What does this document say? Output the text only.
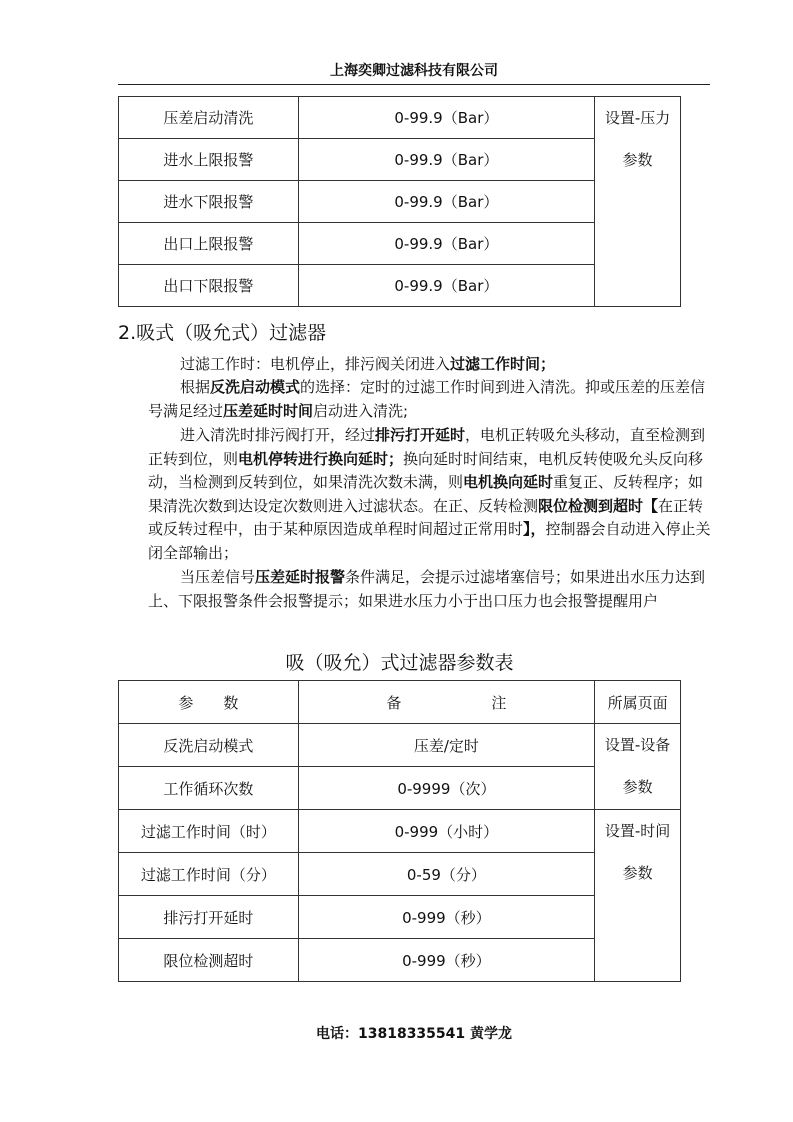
上海奕卿过滤科技有限公司
压差启动清洗	0-99.9（Bar）	设置-压力
参数

进水上限报警	0-99.9（Bar）	
进水下限报警	0-99.9（Bar）	
出口上限报警	0-99.9（Bar）	
出口下限报警	0-99.9（Bar）	
2.吸式（吸允式）过滤器

过滤工作时：电机停止，排污阀关闭进入过滤工作时间；

根据反洗启动模式的选择：定时的过滤工作时间到进入清洗。抑或压差的压差信号满足经过压差延时时间启动进入清洗;

进入清洗时排污阀打开，经过排污打开延时，电机正转吸允头移动，直至检测到正转到位，则电机停转进行换向延时；换向延时时间结束，电机反转使吸允头反向移动，当检测到反转到位，如果清洗次数未满，则电机换向延时重复正、反转程序；如果清洗次数到达设定次数则进入过滤状态。在正、反转检测限位检测到超时【在正转或反转过程中，由于某种原因造成单程时间超过正常用时】，控制器会自动进入停止关闭全部输出；

当压差信号压差延时报警条件满足，会提示过滤堵塞信号；如果进出水压力达到上、下限报警条件会报警提示；如果进水压力小于出口压力也会报警提醒用户

吸（吸允）式过滤器参数表
参　　数	备　　　　　　注	所属页面
反洗启动模式	压差/定时	设置-设备
参数

工作循环次数	0-9999（次）	
过滤工作时间（时）	0-999（小时）	设置-时间
参数

过滤工作时间（分）	0-59（分）	
排污打开延时	0-999（秒）	
限位检测超时	0-999（秒）	
电话：13818335541 黄学龙
